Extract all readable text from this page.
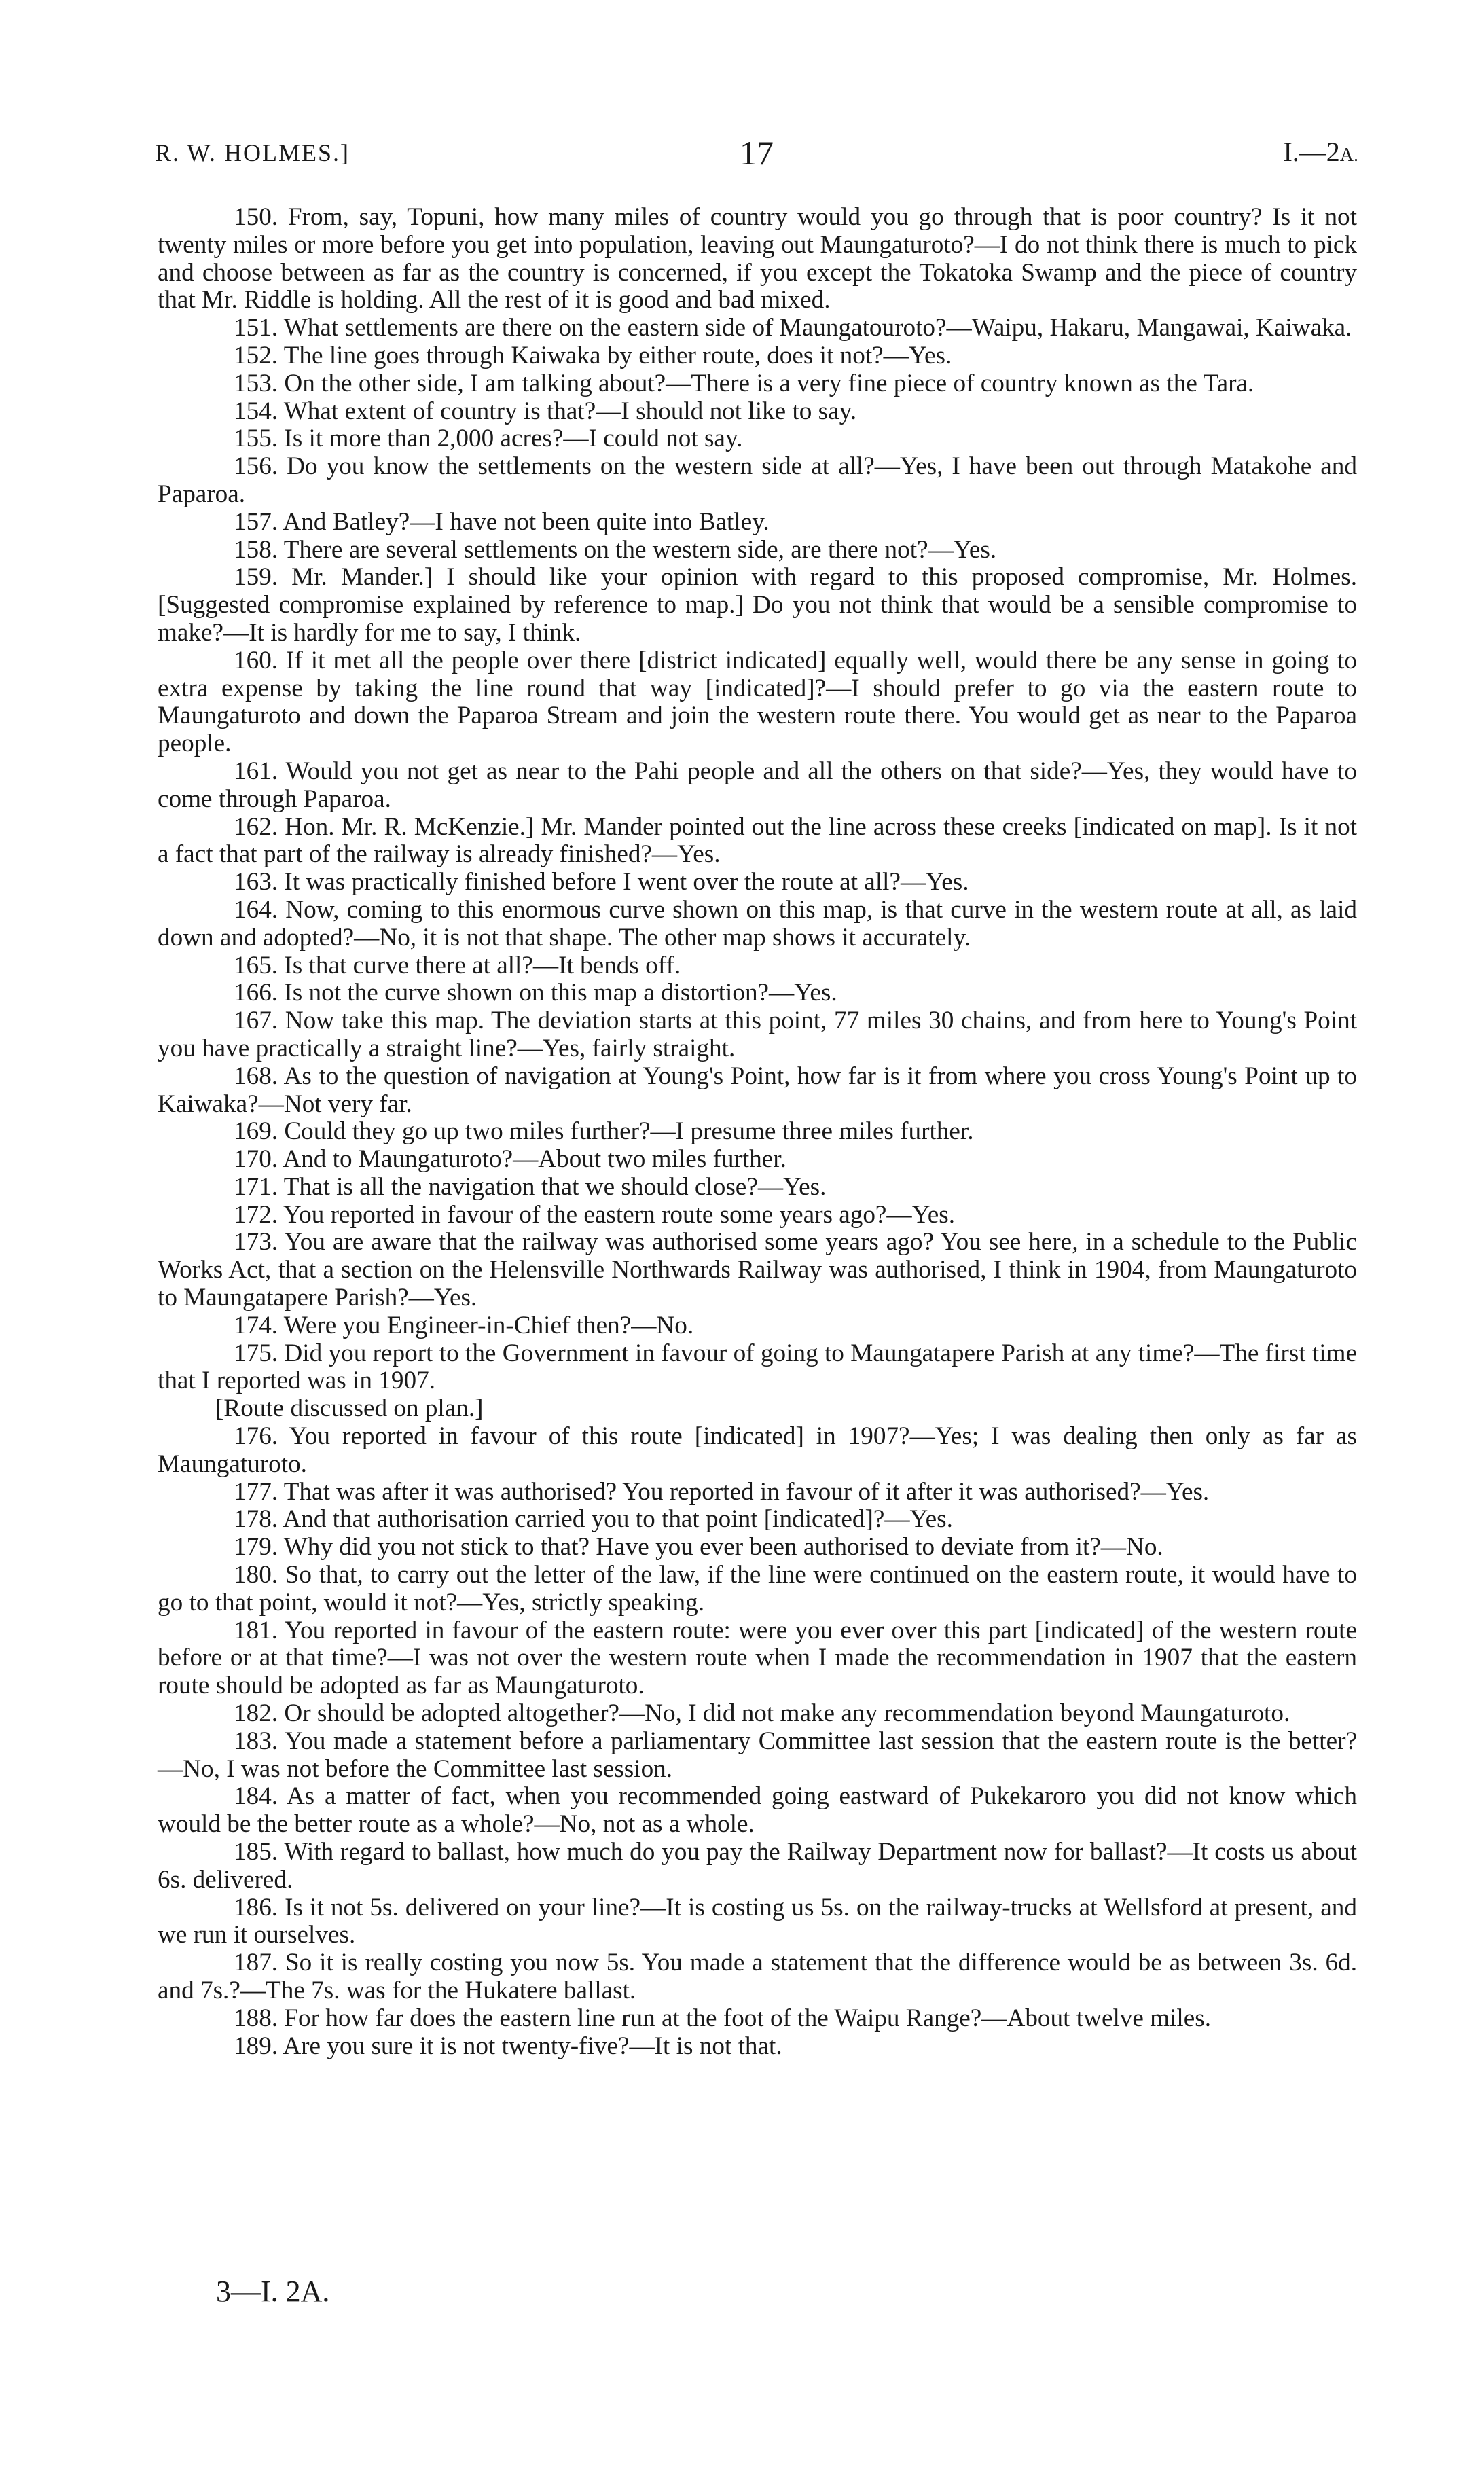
R. W. HOLMES.]	17	I.—2A.

150. From, say, Topuni, how many miles of country would you go through that is poor country? Is it not twenty miles or more before you get into population, leaving out Maungaturoto?—I do not think there is much to pick and choose between as far as the country is concerned, if you except the Tokatoka Swamp and the piece of country that Mr. Riddle is holding. All the rest of it is good and bad mixed.

151. What settlements are there on the eastern side of Maungatouroto?—Waipu, Hakaru, Mangawai, Kaiwaka.

152. The line goes through Kaiwaka by either route, does it not?—Yes.

153. On the other side, I am talking about?—There is a very fine piece of country known as the Tara.

154. What extent of country is that?—I should not like to say.

155. Is it more than 2,000 acres?—I could not say.

156. Do you know the settlements on the western side at all?—Yes, I have been out through Matakohe and Paparoa.

157. And Batley?—I have not been quite into Batley.

158. There are several settlements on the western side, are there not?—Yes.

159. Mr. Mander.] I should like your opinion with regard to this proposed compromise, Mr. Holmes. [Suggested compromise explained by reference to map.] Do you not think that would be a sensible compromise to make?—It is hardly for me to say, I think.

160. If it met all the people over there [district indicated] equally well, would there be any sense in going to extra expense by taking the line round that way [indicated]?—I should prefer to go via the eastern route to Maungaturoto and down the Paparoa Stream and join the western route there. You would get as near to the Paparoa people.

161. Would you not get as near to the Pahi people and all the others on that side?—Yes, they would have to come through Paparoa.

162. Hon. Mr. R. McKenzie.] Mr. Mander pointed out the line across these creeks [indicated on map]. Is it not a fact that part of the railway is already finished?—Yes.

163. It was practically finished before I went over the route at all?—Yes.

164. Now, coming to this enormous curve shown on this map, is that curve in the western route at all, as laid down and adopted?—No, it is not that shape. The other map shows it accurately.

165. Is that curve there at all?—It bends off.

166. Is not the curve shown on this map a distortion?—Yes.

167. Now take this map. The deviation starts at this point, 77 miles 30 chains, and from here to Young's Point you have practically a straight line?—Yes, fairly straight.

168. As to the question of navigation at Young's Point, how far is it from where you cross Young's Point up to Kaiwaka?—Not very far.

169. Could they go up two miles further?—I presume three miles further.

170. And to Maungaturoto?—About two miles further.

171. That is all the navigation that we should close?—Yes.

172. You reported in favour of the eastern route some years ago?—Yes.

173. You are aware that the railway was authorised some years ago? You see here, in a schedule to the Public Works Act, that a section on the Helensville Northwards Railway was authorised, I think in 1904, from Maungaturoto to Maungatapere Parish?—Yes.

174. Were you Engineer-in-Chief then?—No.

175. Did you report to the Government in favour of going to Maungatapere Parish at any time?—The first time that I reported was in 1907.

[Route discussed on plan.]

176. You reported in favour of this route [indicated] in 1907?—Yes; I was dealing then only as far as Maungaturoto.

177. That was after it was authorised? You reported in favour of it after it was authorised?—Yes.

178. And that authorisation carried you to that point [indicated]?—Yes.

179. Why did you not stick to that? Have you ever been authorised to deviate from it?—No.

180. So that, to carry out the letter of the law, if the line were continued on the eastern route, it would have to go to that point, would it not?—Yes, strictly speaking.

181. You reported in favour of the eastern route: were you ever over this part [indicated] of the western route before or at that time?—I was not over the western route when I made the recommendation in 1907 that the eastern route should be adopted as far as Maungaturoto.

182. Or should be adopted altogether?—No, I did not make any recommendation beyond Maungaturoto.

183. You made a statement before a parliamentary Committee last session that the eastern route is the better?—No, I was not before the Committee last session.

184. As a matter of fact, when you recommended going eastward of Pukekaroro you did not know which would be the better route as a whole?—No, not as a whole.

185. With regard to ballast, how much do you pay the Railway Department now for ballast?—It costs us about 6s. delivered.

186. Is it not 5s. delivered on your line?—It is costing us 5s. on the railway-trucks at Wellsford at present, and we run it ourselves.

187. So it is really costing you now 5s. You made a statement that the difference would be as between 3s. 6d. and 7s.?—The 7s. was for the Hukatere ballast.

188. For how far does the eastern line run at the foot of the Waipu Range?—About twelve miles.

189. Are you sure it is not twenty-five?—It is not that.

3—I. 2A.
